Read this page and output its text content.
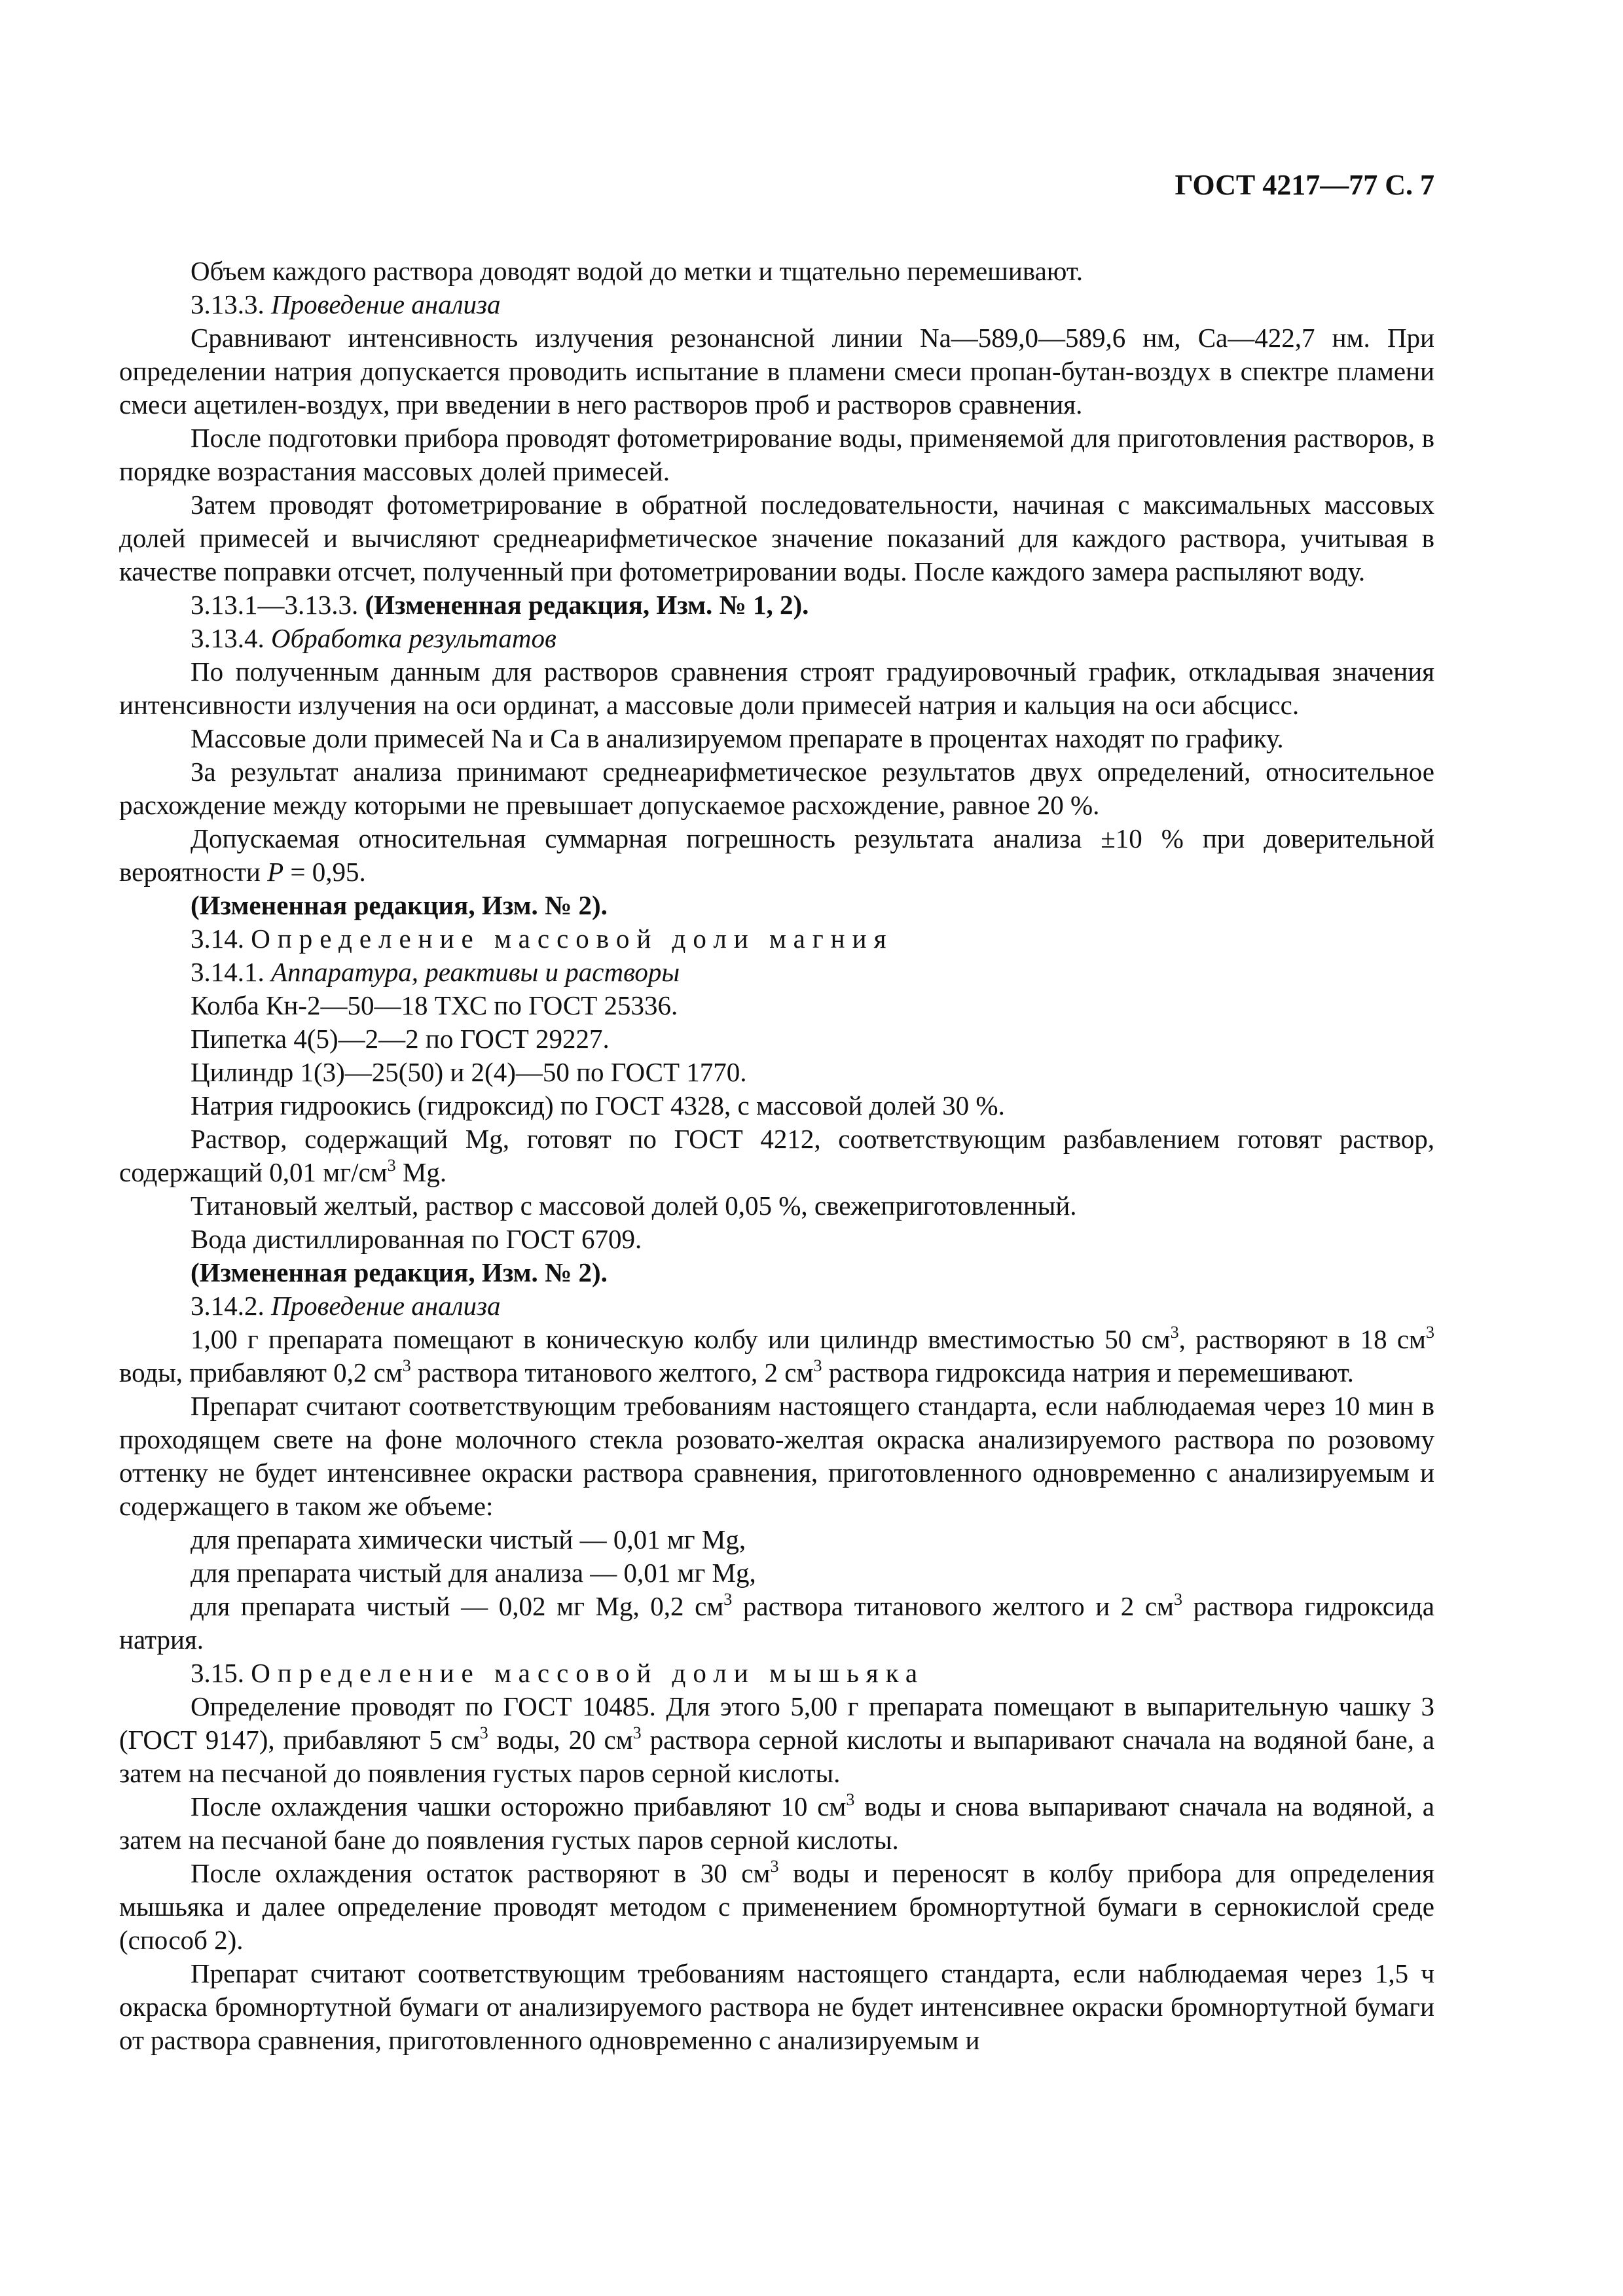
ГОСТ 4217—77 С. 7

Объем каждого раствора доводят водой до метки и тщательно перемешивают.

3.13.3. Проведение анализа

Сравнивают интенсивность излучения резонансной линии Na—589,0—589,6 нм, Са—422,7 нм. При определении натрия допускается проводить испытание в пламени смеси пропан-бутан-воздух в спектре пламени смеси ацетилен-воздух, при введении в него растворов проб и растворов сравнения.

После подготовки прибора проводят фотометрирование воды, применяемой для приготовления растворов, в порядке возрастания массовых долей примесей.

Затем проводят фотометрирование в обратной последовательности, начиная с максимальных массовых долей примесей и вычисляют среднеарифметическое значение показаний для каждого раствора, учитывая в качестве поправки отсчет, полученный при фотометрировании воды. После каждого замера распыляют воду.

3.13.1—3.13.3. (Измененная редакция, Изм. № 1, 2).

3.13.4. Обработка результатов

По полученным данным для растворов сравнения строят градуировочный график, откладывая значения интенсивности излучения на оси ординат, а массовые доли примесей натрия и кальция на оси абсцисс.

Массовые доли примесей Na и Са в анализируемом препарате в процентах находят по графику.

За результат анализа принимают среднеарифметическое результатов двух определений, относительное расхождение между которыми не превышает допускаемое расхождение, равное 20 %.

Допускаемая относительная суммарная погрешность результата анализа ±10 % при доверительной вероятности P = 0,95.

(Измененная редакция, Изм. № 2).

3.14. Определение массовой доли магния

3.14.1. Аппаратура, реактивы и растворы

Колба Кн-2—50—18 ТХС по ГОСТ 25336.

Пипетка 4(5)—2—2 по ГОСТ 29227.

Цилиндр 1(3)—25(50) и 2(4)—50 по ГОСТ 1770.

Натрия гидроокись (гидроксид) по ГОСТ 4328, с массовой долей 30 %.

Раствор, содержащий Mg, готовят по ГОСТ 4212, соответствующим разбавлением готовят раствор, содержащий 0,01 $мг/см^3$ Mg.

Титановый желтый, раствор с массовой долей 0,05 %, свежеприготовленный.

Вода дистиллированная по ГОСТ 6709.

(Измененная редакция, Изм. № 2).

3.14.2. Проведение анализа

1,00 г препарата помещают в коническую колбу или цилиндр вместимостью 50 $см^3$, растворяют в 18 $см^3$ воды, прибавляют 0,2 $см^3$ раствора титанового желтого, 2 $см^3$ раствора гидроксида натрия и перемешивают.

Препарат считают соответствующим требованиям настоящего стандарта, если наблюдаемая через 10 мин в проходящем свете на фоне молочного стекла розовато-желтая окраска анализируемого раствора по розовому оттенку не будет интенсивнее окраски раствора сравнения, приготовленного одновременно с анализируемым и содержащего в таком же объеме:

для препарата химически чистый — 0,01 мг Mg,

для препарата чистый для анализа — 0,01 мг Mg,

для препарата чистый — 0,02 мг Mg, 0,2 $см^3$ раствора титанового желтого и 2 $см^3$ раствора гидроксида натрия.

3.15. Определение массовой доли мышьяка

Определение проводят по ГОСТ 10485. Для этого 5,00 г препарата помещают в выпарительную чашку 3 (ГОСТ 9147), прибавляют 5 $см^3$ воды, 20 $см^3$ раствора серной кислоты и выпаривают сначала на водяной бане, а затем на песчаной до появления густых паров серной кислоты.

После охлаждения чашки осторожно прибавляют 10 $см^3$ воды и снова выпаривают сначала на водяной, а затем на песчаной бане до появления густых паров серной кислоты.

После охлаждения остаток растворяют в 30 $см^3$ воды и переносят в колбу прибора для определения мышьяка и далее определение проводят методом с применением бромнортутной бумаги в сернокислой среде (способ 2).

Препарат считают соответствующим требованиям настоящего стандарта, если наблюдаемая через 1,5 ч окраска бромнортутной бумаги от анализируемого раствора не будет интенсивнее окраски бромнортутной бумаги от раствора сравнения, приготовленного одновременно с анализируемым и
